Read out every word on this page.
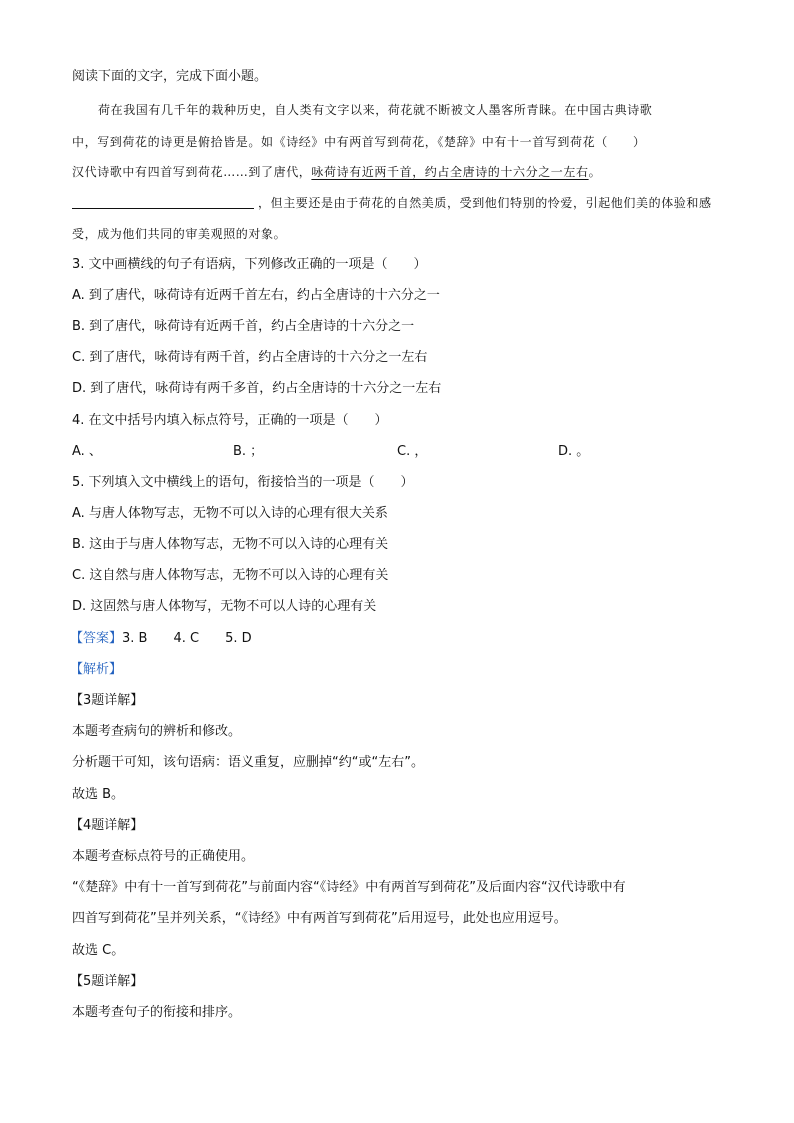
阅读下面的文字，完成下面小题。
荷在我国有几千年的栽种历史，自人类有文字以来，荷花就不断被文人墨客所青睐。在中国古典诗歌
中，写到荷花的诗更是俯拾皆是。如《诗经》中有两首写到荷花，《楚辞》中有十一首写到荷花（　　）
汉代诗歌中有四首写到荷花……到了唐代，咏荷诗有近两千首，约占全唐诗的十六分之一左右。
，但主要还是由于荷花的自然美质，受到他们特别的怜爱，引起他们美的体验和感
受，成为他们共同的审美观照的对象。
3. 文中画横线的句子有语病，下列修改正确的一项是（　　）
A. 到了唐代，咏荷诗有近两千首左右，约占全唐诗的十六分之一
B. 到了唐代，咏荷诗有近两千首，约占全唐诗的十六分之一
C. 到了唐代，咏荷诗有两千首，约占全唐诗的十六分之一左右
D. 到了唐代，咏荷诗有两千多首，约占全唐诗的十六分之一左右
4. 在文中括号内填入标点符号，正确的一项是（　　）
A. 、	B. ；	C. ，	D. 。
5. 下列填入文中横线上的语句，衔接恰当的一项是（　　）
A. 与唐人体物写志，无物不可以入诗的心理有很大关系
B. 这由于与唐人体物写志，无物不可以入诗的心理有关
C. 这自然与唐人体物写志，无物不可以入诗的心理有关
D. 这固然与唐人体物写，无物不可以人诗的心理有关
【答案】3. B　　4. C　　5. D
【解析】
【3题详解】
本题考查病句的辨析和修改。
分析题干可知，该句语病：语义重复，应删掉“约“或“左右”。
故选 B。
【4题详解】
本题考查标点符号的正确使用。
“《楚辞》中有十一首写到荷花”与前面内容“《诗经》中有两首写到荷花”及后面内容“汉代诗歌中有
四首写到荷花”呈并列关系，“《诗经》中有两首写到荷花”后用逗号，此处也应用逗号。
故选 C。
【5题详解】
本题考查句子的衔接和排序。
